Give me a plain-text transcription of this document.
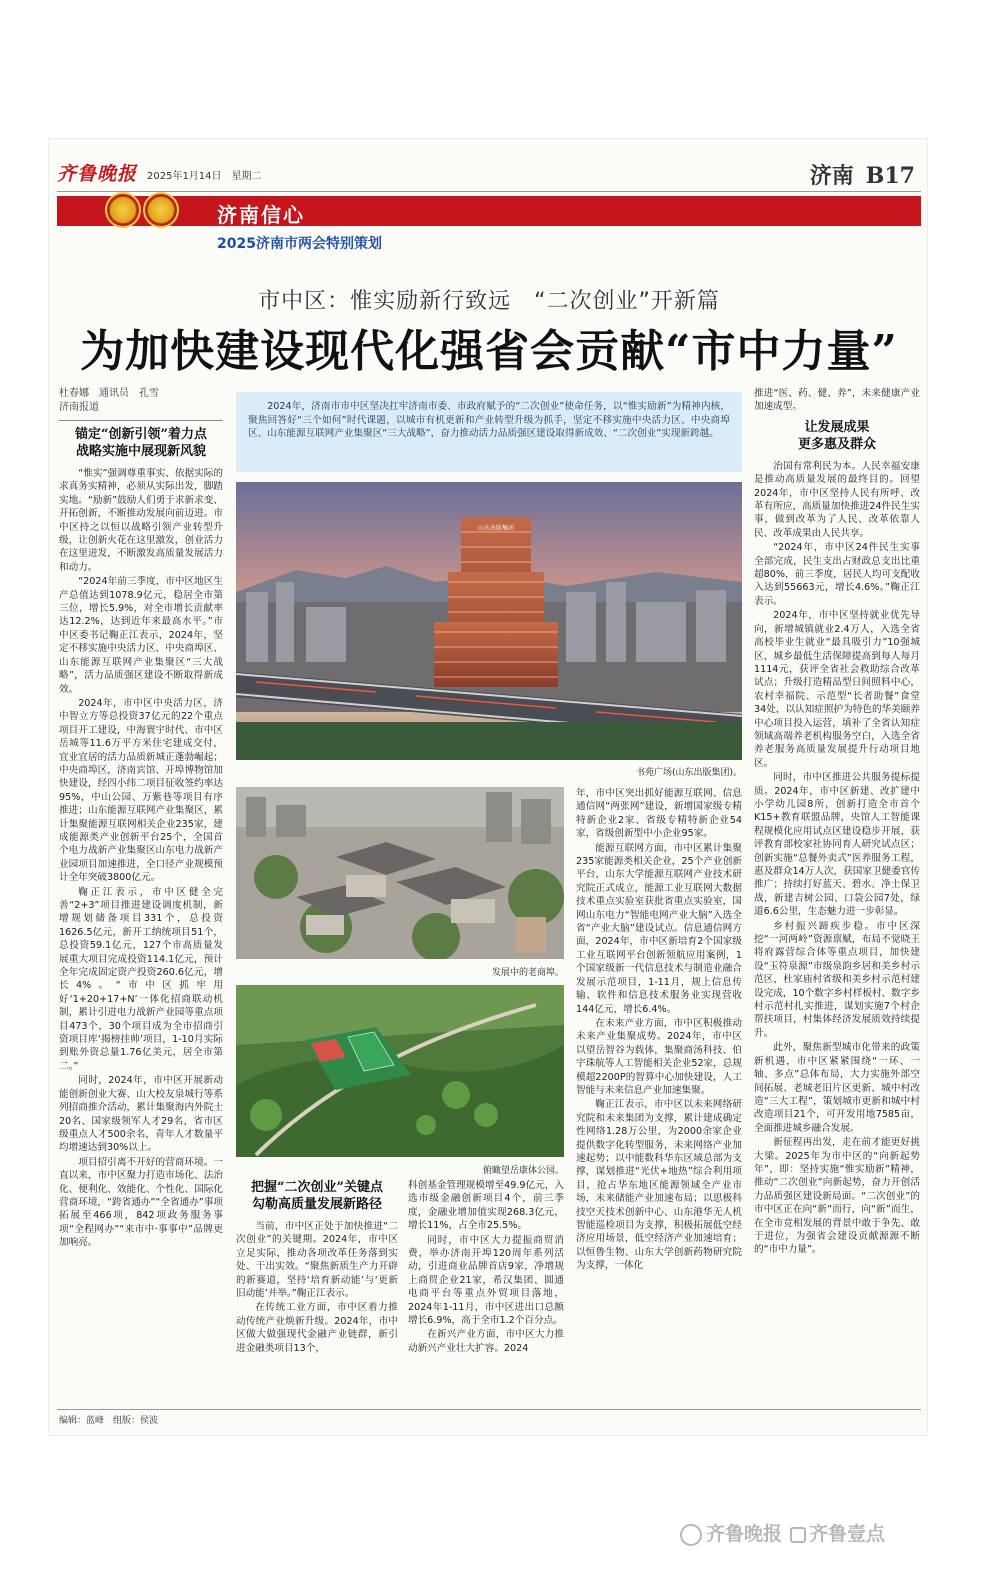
齐鲁晚报 2025年1月14日　星期二	济南 B17
济南信心
2025济南市两会特别策划
市中区：惟实励新行致远　“二次创业”开新篇
为加快建设现代化强省会贡献“市中力量”
杜春娜　通讯员　孔雪
济南报道
锚定“创新引领”着力点
战略实施中展现新风貌

“惟实”强调尊重事实、依据实际的求真务实精神，必须从实际出发，脚踏实地。“励新”鼓励人们勇于求新求变、开拓创新，不断推动发展向前迈进。市中区持之以恒以战略引领产业转型升级，让创新火花在这里激发，创业活力在这里迸发，不断激发高质量发展活力和动力。

“2024年前三季度，市中区地区生产总值达到1078.9亿元，稳居全市第三位，增长5.9%，对全市增长贡献率达12.2%，达到近年来最高水平。”市中区委书记鞠正江表示，2024年，坚定不移实施中央活力区、中央商埠区、山东能源互联网产业集聚区“三大战略”，活力品质强区建设不断取得新成效。

2024年，市中区中央活力区，济中智立方等总投资37亿元的22个重点项目开工建设，中海寰宇时代、市中区岳城等11.6万平方米住宅建成交付，宜业宜居的活力品质新城正蓬勃崛起；中央商埠区，济南宾馆、开埠博物馆加快建设，经四小纬二项目征收签约率达95%，中山公园、万紫巷等项目有序推进；山东能源互联网产业集聚区，累计集聚能源互联网相关企业235家，建成能源类产业创新平台25个，全国首个电力战新产业集聚区山东电力战新产业园项目加速推进，全口径产业规模预计全年突破3800亿元。

鞠正江表示，市中区健全完善“2+3”项目推进建设调度机制，新增规划储备项目331个，总投资1626.5亿元，新开工纳统项目51个，总投资59.1亿元，127个市高质量发展重大项目完成投资114.1亿元，预计全年完成固定资产投资260.6亿元，增长4%。“市中区抓牢用好‘1+20+17+N’一体化招商联动机制，累计引进电力战新产业园等重点项目473个，30个项目成为全市招商引资项目库‘揭榜挂帅’项目，1-10月实际到账外资总量1.76亿美元，居全市第二。”

同时，2024年，市中区开展新动能创新创业大赛、山大校友泉城行等系列招商推介活动，累计集聚海内外院士20名、国家级领军人才29名，省市区级重点人才500余名，青年人才数量平均增速达到30%以上。

项目招引离不开好的营商环境。一直以来，市中区聚力打造市场化、法治化、便利化、效能化、个性化、国际化营商环境，“跨省通办”“全省通办”事项拓展至466项，842项政务服务事项“全程网办”“来市中·事事中”品牌更加响亮。

2024年，济南市市中区坚决扛牢济南市委、市政府赋予的“二次创业”使命任务，以“惟实励新”为精神内核，聚焦回答好“三个如何”时代课题，以城市有机更新和产业转型升级为抓手，坚定不移实施中央活力区、中央商埠区、山东能源互联网产业集聚区“三大战略”，奋力推动活力品质强区建设取得新成效、“二次创业”实现新跨越。
山东出版集团
书苑广场(山东出版集团)。
发展中的老商埠。
俯瞰望岳康体公园。
把握“二次创业”关键点
勾勒高质量发展新路径

当前，市中区正处于加快推进“二次创业”的关键期。2024年，市中区立足实际，推动各项改革任务落到实处、干出实效。“聚焦新质生产力开辟的新赛道，坚持‘培育新动能’与‘更新旧动能’并举。”鞠正江表示。

在传统工业方面，市中区着力推动传统产业焕新升级。2024年，市中区做大做强现代金融产业链群，新引进金融类项目13个，

科创基金管理规模增至49.9亿元，入选市级金融创新项目4个，前三季度，金融业增加值实现268.3亿元，增长11%，占全市25.5%。

同时，市中区大力提振商贸消费，举办济南开埠120周年系列活动，引进商业品牌首店9家，净增规上商贸企业21家，希汉集团、圆通电商平台等重点外贸项目落地，2024年1-11月，市中区进出口总额增长6.9%，高于全市1.2个百分点。

在新兴产业方面，市中区大力推动新兴产业壮大扩容。2024

年，市中区突出抓好能源互联网、信息通信网“两张网”建设，新增国家级专精特新企业2家、省级专精特新企业54家，省级创新型中小企业95家。

能源互联网方面，市中区累计集聚235家能源类相关企业，25个产业创新平台，山东大学能源互联网产业技术研究院正式成立，能源工业互联网大数据技术重点实验室获批省重点实验室，国网山东电力“智能电网产业大脑”入选全省“产业大脑”建设试点。信息通信网方面，2024年，市中区新培育2个国家级工业互联网平台创新领航应用案例，1个国家级新一代信息技术与制造业融合发展示范项目，1-11月，规上信息传输、软件和信息技术服务业实现营收144亿元，增长6.4%。

在未来产业方面，市中区积极推动未来产业集聚成势。2024年，市中区以望岳智谷为载体，集聚商汤科技、伯宇珠航等人工智能相关企业52家，总规模超2200P的智算中心加快建设，人工智能与未来信息产业加速集聚。

鞠正江表示，市中区以未来网络研究院和未来集团为支撑，累计建成确定性网络1.28万公里，为2000余家企业提供数字化转型服务，未来网络产业加速起势；以中能数科华东区域总部为支撑，谋划推进“光伏+地热”综合利用项目，抢占华东地区能源领域全产业市场，未来储能产业加速布局；以思极科技空天技术创新中心、山东港华无人机智能巡检项目为支撑，积极拓展低空经济应用场景，低空经济产业加速培育；以恒鲁生物、山东大学创新药物研究院为支撑，一体化

推进“医、药、健、养”，未来健康产业加速成型。

让发展成果
更多惠及群众

治国有常利民为本。人民幸福安康是推动高质量发展的最终目的。回望2024年，市中区坚持人民有所呼、改革有所应，高质量加快推进24件民生实事，做到改革为了人民、改革依靠人民、改革成果由人民共享。

“2024年，市中区24件民生实事全部完成，民生支出占财政总支出比重超80%，前三季度，居民人均可支配收入达到55663元，增长4.6%。”鞠正江表示。

2024年，市中区坚持就业优先导向，新增城镇就业2.4万人，入选全省高校毕业生就业“最具吸引力”10强城区，城乡最低生活保障提高到每人每月1114元，获评全省社会救助综合改革试点；升级打造精品型日间照料中心，农村幸福院、示范型“长者助餐”食堂34处，以认知症照护为特色的华美颐养中心项目投入运营，填补了全省认知症领域高端养老机构服务空白，入选全省养老服务高质量发展提升行动项目地区。

同时，市中区推进公共服务提标提质。2024年，市中区新建、改扩建中小学幼儿园8所，创新打造全市首个K15+教育联盟品牌，央馆人工智能课程规模化应用试点区建设稳步开展，获评教育部校家社协同育人研究试点区；创新实施“总餐外卖式”医养服务工程，惠及群众14万人次，获国家卫健委官传推广；持续打好蓝天、碧水、净土保卫战，新建吉树公园、口袋公园7处，绿道6.6公里，生态魅力进一步彰显。

乡村振兴蹄疾步稳。市中区深挖“一河两岭”资源禀赋，布局不觉晓王将府露营综合体等重点项目，加快建设“玉符泉源”市级泉韵乡居和美乡村示范区，杜家庙村省级和美乡村示范村建设完成，10个数字乡村样板村、数字乡村示范村扎实推进，谋划实施7个村企帮扶项目，村集体经济发展质效持续提升。

此外，聚焦新型城市化带来的政策新机遇，市中区紧紧围绕“一环、一轴、多点”总体布局，大力实施外部空间拓展、老城老旧片区更新、城中村改造“三大工程”，策划城市更新和城中村改造项目21个，可开发用地7585亩，全面推进城乡融合发展。

新征程再出发，走在前才能更好挑大梁。2025年为市中区的“向新起势年”，即：坚持实施“惟实励新”精神，推动“二次创业”向新起势，奋力开创活力品质强区建设新局面。“二次创业”的市中区正在向“新”而行，向“新”而生，在全市竞相发展的背景中敢于争先、敢于进位，为强省会建设贡献源源不断的“市中力量”。

编辑：蓝峰　组版：侯波
齐鲁晚报 齐鲁壹点
